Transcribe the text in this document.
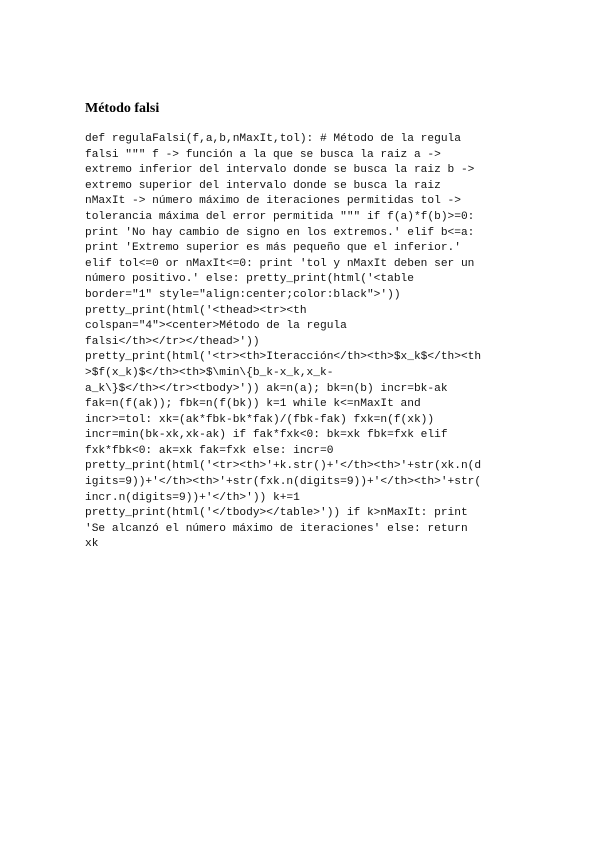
Método falsi
def regulaFalsi(f,a,b,nMaxIt,tol): # Método de la regula
falsi """ f -> función a la que se busca la raiz a ->
extremo inferior del intervalo donde se busca la raiz b ->
extremo superior del intervalo donde se busca la raiz
nMaxIt -> número máximo de iteraciones permitidas tol ->
tolerancia máxima del error permitida """ if f(a)*f(b)>=0:
print 'No hay cambio de signo en los extremos.' elif b<=a:
print 'Extremo superior es más pequeño que el inferior.'
elif tol<=0 or nMaxIt<=0: print 'tol y nMaxIt deben ser un
número positivo.' else: pretty_print(html('<table
border="1" style="align:center;color:black">'))
pretty_print(html('<thead><tr><th
colspan="4"><center>Método de la regula
falsi</th></tr></thead>'))
pretty_print(html('<tr><th>Iteracción</th><th>$x_k$</th><th
>$f(x_k)$</th><th>$\min\{b_k-x_k,x_k-
a_k\}$</th></tr><tbody>')) ak=n(a); bk=n(b) incr=bk-ak
fak=n(f(ak)); fbk=n(f(bk)) k=1 while k<=nMaxIt and
incr>=tol: xk=(ak*fbk-bk*fak)/(fbk-fak) fxk=n(f(xk))
incr=min(bk-xk,xk-ak) if fak*fxk<0: bk=xk fbk=fxk elif
fxk*fbk<0: ak=xk fak=fxk else: incr=0
pretty_print(html('<tr><th>'+k.str()+'</th><th>'+str(xk.n(d
igits=9))+'</th><th>'+str(fxk.n(digits=9))+'</th><th>'+str(
incr.n(digits=9))+'</th>')) k+=1
pretty_print(html('</tbody></table>')) if k>nMaxIt: print
'Se alcanzó el número máximo de iteraciones' else: return
xk
